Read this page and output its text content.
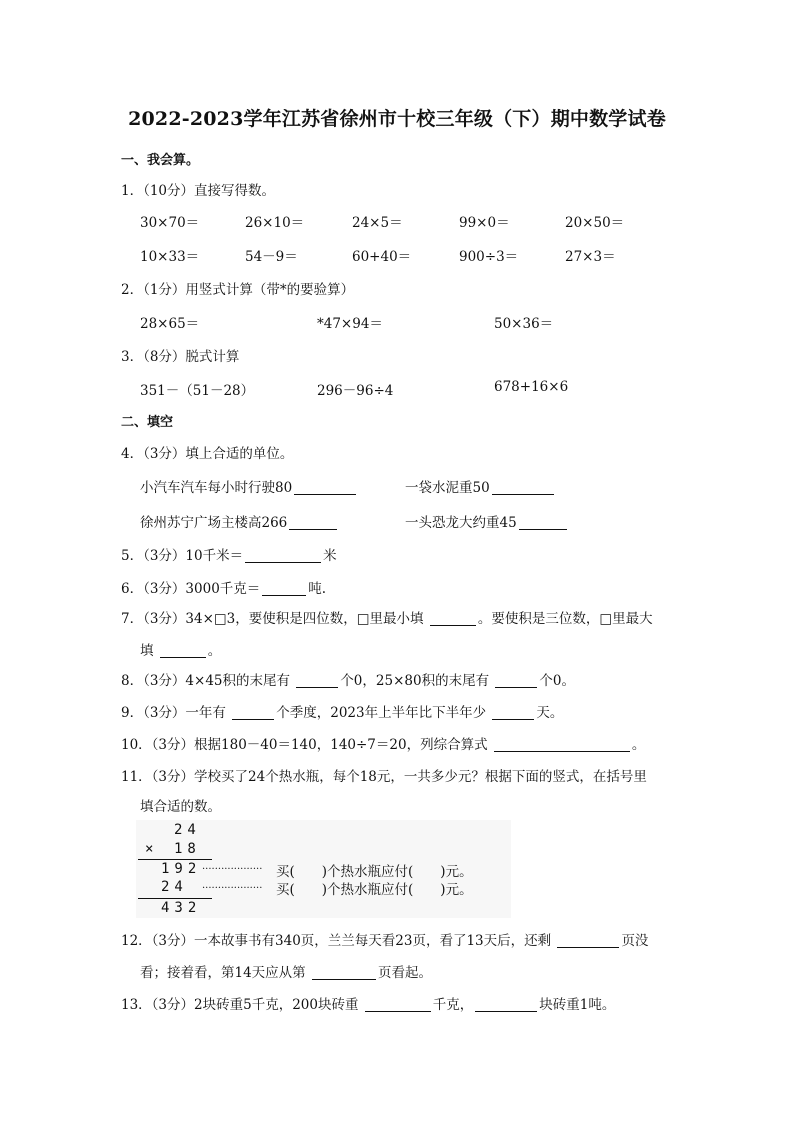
2022-2023学年江苏省徐州市十校三年级（下）期中数学试卷
一、我会算。
1．（10分）直接写得数。
30×70＝	26×10＝	24×5＝	99×0＝	20×50＝
10×33＝	54－9＝	60+40＝	900÷3＝	27×3＝
2．（1分）用竖式计算（带*的要验算）
28×65＝	*47×94＝	50×36＝
3．（8分）脱式计算
351－（51－28）	296－96÷4	678+16×6
二、填空
4．（3分）填上合适的单位。
小汽车汽车每小时行驶80	一袋水泥重50
徐州苏宁广场主楼高266	一头恐龙大约重45
5．（3分）10千米＝	米
6．（3分）3000千克＝	吨.
7．（3分）34×□3，要使积是四位数，□里最小填	。要使积是三位数，□里最大
填	。
8．（3分）4×45积的末尾有	个0，25×80积的末尾有	个0。
9．（3分）一年有	个季度，2023年上半年比下半年少	天。
10．（3分）根据180－40＝140，140÷7＝20，列综合算式	。
11．（3分）学校买了24个热水瓶，每个18元，一共多少元？根据下面的竖式，在括号里
填合适的数。
24
× 18
192 ··················· 买(　　)个热水瓶应付(　　)元。
24 ··················· 买(　　)个热水瓶应付(　　)元。
432
12．（3分）一本故事书有340页，兰兰每天看23页，看了13天后，还剩	页没
看；接着看，第14天应从第	页看起。
13．（3分）2块砖重5千克，200块砖重	千克，	块砖重1吨。
